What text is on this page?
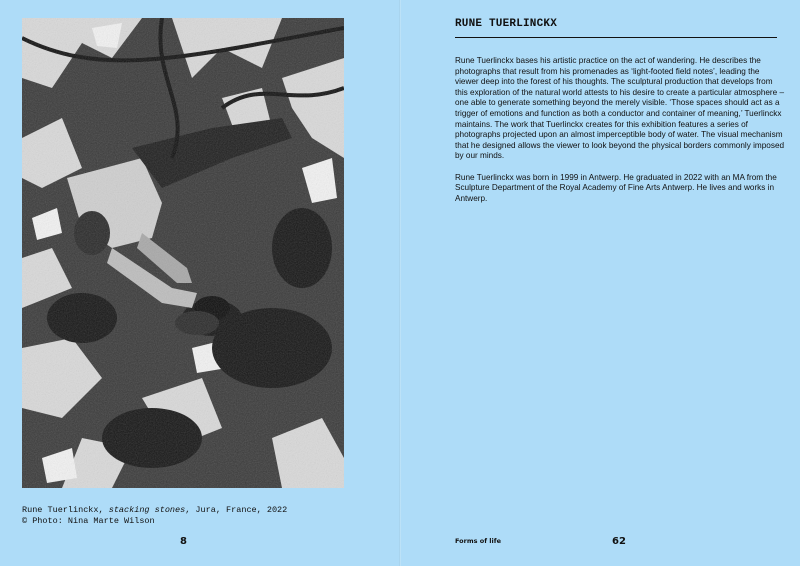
Rune Tuerlinckx, stacking stones, Jura, France, 2022
© Photo: Nina Marte Wilson
8
RUNE TUERLINCKX

Rune Tuerlinckx bases his artistic practice on the act of wandering. He describes the photographs that result from his promenades as ‘light-footed field notes’, leading the viewer deep into the forest of his thoughts. The sculptural production that develops from this exploration of the natural world attests to his desire to create a particular atmosphere – one able to generate something beyond the merely visible. ‘Those spaces should act as a trigger of emotions and function as both a conductor and container of meaning,’ Tuerlinckx maintains. The work that Tuerlinckx creates for this exhibition features a series of photographs projected upon an almost imperceptible body of water. The visual mechanism that he designed allows the viewer to look beyond the physical borders commonly imposed by our minds.

Rune Tuerlinckx was born in 1999 in Antwerp. He graduated in 2022 with an MA from the Sculpture Department of the Royal Academy of Fine Arts Antwerp. He lives and works in Antwerp.

Forms of life	62
